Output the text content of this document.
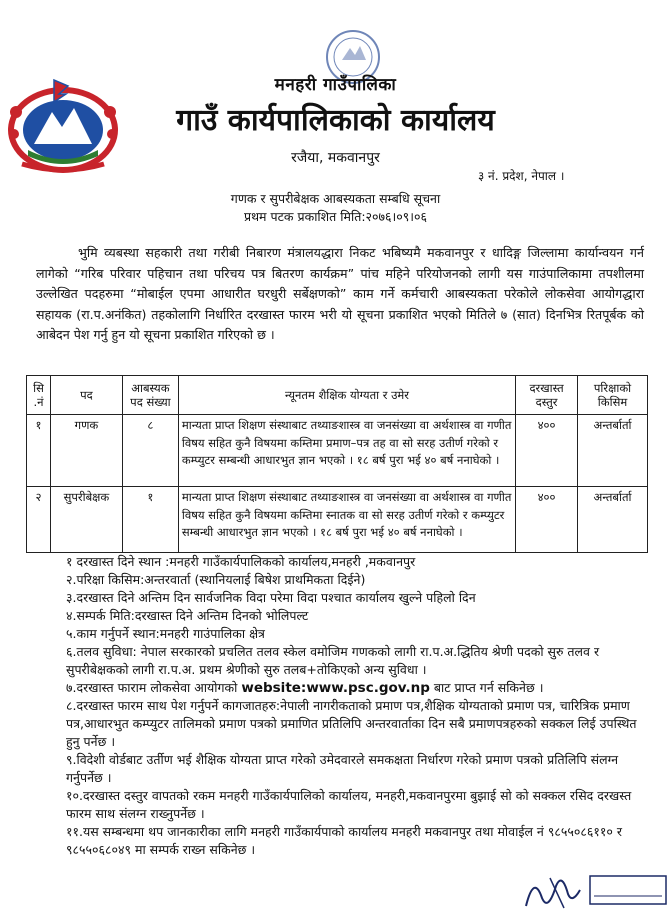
मनहरी गाउँपालिका
गाउँ कार्यपालिकाको कार्यालय
रजैया, मकवानपुर
३ नं. प्रदेश, नेपाल ।
गणक र सुपरीबेक्षक आबस्यकता सम्बधि सूचना
प्रथम पटक प्रकाशित मिति:२०७६।०९।०६

भुमि व्यबस्था सहकारी तथा गरीबी निबारण मंत्रालयद्धारा निकट भबिष्यमै मकवानपुर र धादिङ्ग जिल्लामा कार्यान्वयन गर्न लागेको “गरिब परिवार पहिचान तथा परिचय पत्र बितरण कार्यक्रम” पांच महिने परियोजनको लागी यस गाउंपालिकामा तपशीलमा उल्लेखित पदहरुमा “मोबाईल एपमा आधारीत घरधुरी सर्बेक्षणको” काम गर्ने कर्मचारी आबस्यकता परेकोले लोकसेवा आयोगद्धारा सहायक (रा.प.अनंकित) तहकोलागि निर्धारित दरखास्त फारम भरी यो सूचना प्रकाशित भएको मितिले ७ (सात) दिनभित्र रितपूर्बक को आबेदन पेश गर्नु हुन यो सूचना प्रकाशित गरिएको छ ।

सि .नं	पद	आबस्यक पद संख्या	न्यूनतम शैक्षिक योग्यता र उमेर	दरखास्त दस्तुर	परिक्षाको किसिम
१	गणक	८	मान्यता प्राप्त शिक्षण संस्थाबाट तथ्याङशास्त्र वा जनसंख्या वा अर्थशास्त्र वा गणीत विषय सहित कुनै विषयमा कम्तिमा प्रमाण–पत्र तह वा सो सरह उतीर्ण गरेको र कम्प्युटर सम्बन्धी आधारभुत ज्ञान भएको । १८ बर्ष पुरा भई ४० बर्ष ननाघेको ।	४००	अन्तर्बार्ता
२	सुपरीबेक्षक	१	मान्यता प्राप्त शिक्षण संस्थाबाट तथ्याङशास्त्र वा जनसंख्या वा अर्थशास्त्र वा गणीत विषय सहित कुनै विषयमा कम्तिमा स्नातक वा सो सरह उतीर्ण गरेको र कम्प्युटर सम्बन्धी आधारभुत ज्ञान भएको । १८ बर्ष पुरा भई ४० बर्ष ननाघेको ।	४००	अन्तर्बार्ता
१ दरखास्त दिने स्थान :मनहरी गाउँकार्यपालिकको कार्यालय,मनहरी ,मकवानपुर
२.परिक्षा किसिम:अन्तरवार्ता (स्थानियलाई बिषेश प्राथमिकता दिईने)
३.दरखास्त दिने अन्तिम दिन सार्वजनिक विदा परेमा विदा पश्चात कार्यालय खुल्ने पहिलो दिन
४.सम्पर्क मिति:दरखास्त दिने अन्तिम दिनको भोलिपल्ट
५.काम गर्नुपर्ने स्थान:मनहरी गाउंपालिका क्षेत्र
६.तलव सुविधा: नेपाल सरकारको प्रचलित तलव स्केल वमोजिम गणकको लागी रा.प.अ.द्धितिय श्रेणी पदको सुरु तलव र सुपरीबेक्षकको लागी रा.प.अ. प्रथम श्रेणीको सुरु तलब+तोकिएको अन्य सुविधा ।
७.दरखास्त फाराम लोकसेवा आयोगको website:www.psc.gov.np बाट प्राप्त गर्न सकिनेछ ।
८.दरखास्त फारम साथ पेश गर्नुपर्ने कागजातहरु:नेपाली नागरीकताको प्रमाण पत्र,शैक्षिक योग्यताको प्रमाण पत्र, चारित्रिक प्रमाण पत्र,आधारभुत कम्प्युटर तालिमको प्रमाण पत्रको प्रमाणित प्रतिलिपि अन्तरवार्ताका दिन सबै प्रमाणपत्रहरुको सक्कल लिई उपस्थित हुनु पर्नेछ ।
९.विदेशी वोर्डबाट उर्तीण भई शैक्षिक योग्यता प्राप्त गरेको उमेदवारले समकक्षता निर्धारण गरेको प्रमाण पत्रको प्रतिलिपि संलग्न गर्नुपर्नेछ ।
१०.दरखास्त दस्तुर वापतको रकम मनहरी गाउँकार्यपालिको कार्यालय, मनहरी,मकवानपुरमा बुझाई सो को सक्कल रसिद दरखस्त फारम साथ संलग्न राख्नुपर्नेछ ।
११.यस सम्बन्धमा थप जानकारीका लागि मनहरी गाउँकार्यपाको कार्यालय मनहरी मकवानपुर तथा मोवाईल नं ९८५५०८६११० र ९८५५०६८०४९ मा सम्पर्क राख्न सकिनेछ ।
